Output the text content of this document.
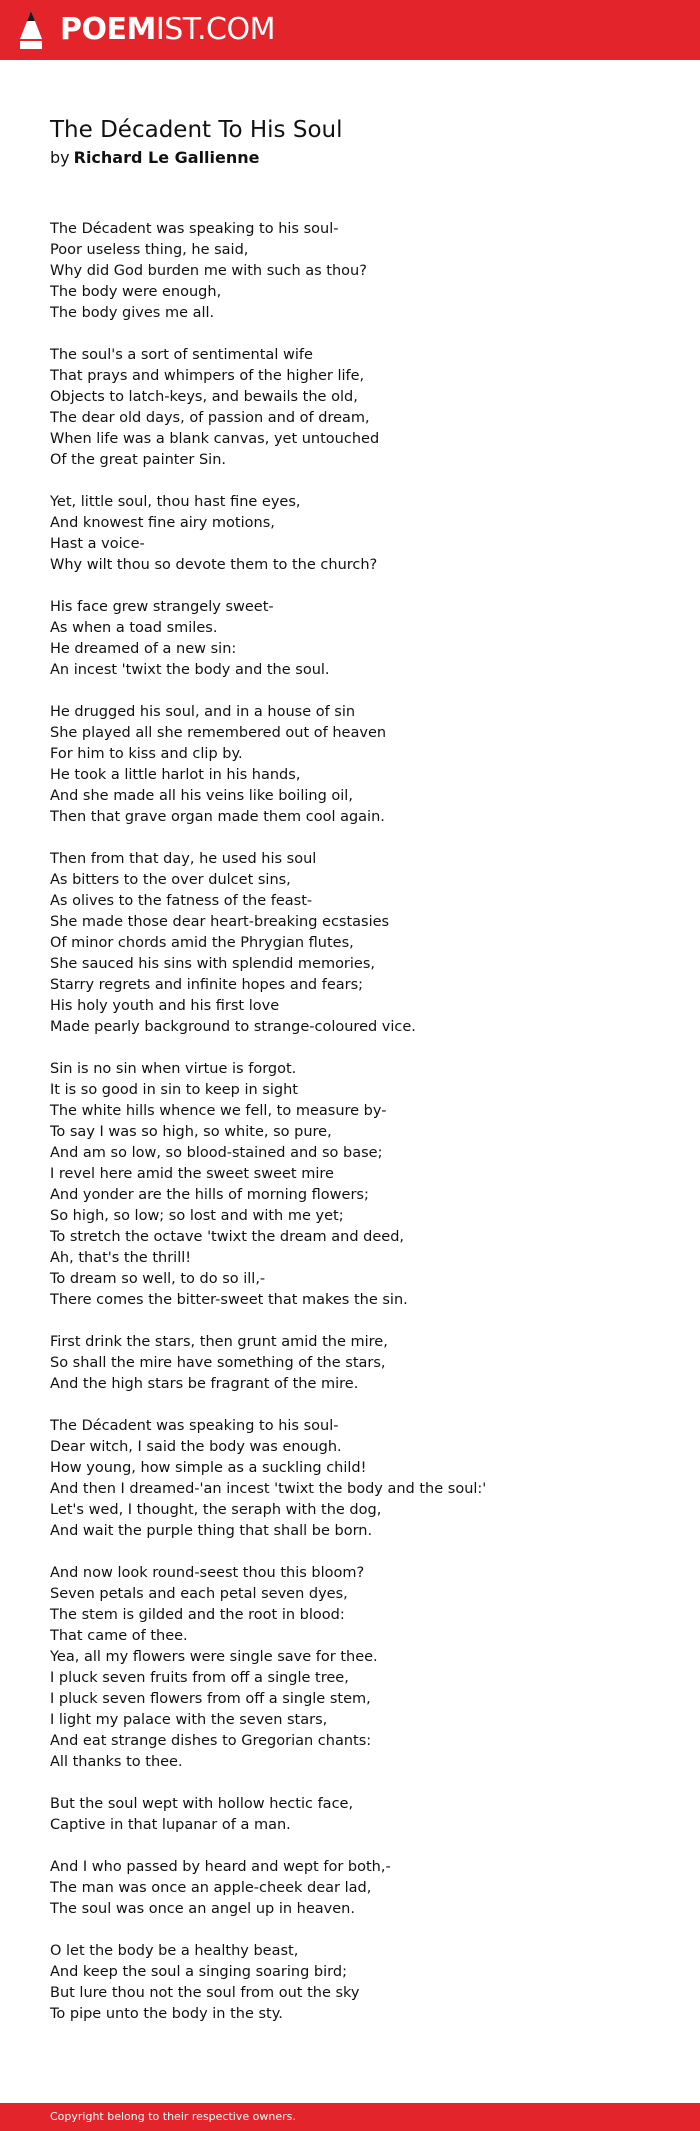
POEMIST.COM
The Décadent To His Soul
by Richard Le Gallienne
The Décadent was speaking to his soul-
Poor useless thing, he said,
Why did God burden me with such as thou?
The body were enough,
The body gives me all.
The soul's a sort of sentimental wife
That prays and whimpers of the higher life,
Objects to latch-keys, and bewails the old,
The dear old days, of passion and of dream,
When life was a blank canvas, yet untouched
Of the great painter Sin.
Yet, little soul, thou hast fine eyes,
And knowest fine airy motions,
Hast a voice-
Why wilt thou so devote them to the church?
His face grew strangely sweet-
As when a toad smiles.
He dreamed of a new sin:
An incest 'twixt the body and the soul.
He drugged his soul, and in a house of sin
She played all she remembered out of heaven
For him to kiss and clip by.
He took a little harlot in his hands,
And she made all his veins like boiling oil,
Then that grave organ made them cool again.
Then from that day, he used his soul
As bitters to the over dulcet sins,
As olives to the fatness of the feast-
She made those dear heart-breaking ecstasies
Of minor chords amid the Phrygian flutes,
She sauced his sins with splendid memories,
Starry regrets and infinite hopes and fears;
His holy youth and his first love
Made pearly background to strange-coloured vice.
Sin is no sin when virtue is forgot.
It is so good in sin to keep in sight
The white hills whence we fell, to measure by-
To say I was so high, so white, so pure,
And am so low, so blood-stained and so base;
I revel here amid the sweet sweet mire
And yonder are the hills of morning flowers;
So high, so low; so lost and with me yet;
To stretch the octave 'twixt the dream and deed,
Ah, that's the thrill!
To dream so well, to do so ill,-
There comes the bitter-sweet that makes the sin.
First drink the stars, then grunt amid the mire,
So shall the mire have something of the stars,
And the high stars be fragrant of the mire.
The Décadent was speaking to his soul-
Dear witch, I said the body was enough.
How young, how simple as a suckling child!
And then I dreamed-'an incest 'twixt the body and the soul:'
Let's wed, I thought, the seraph with the dog,
And wait the purple thing that shall be born.
And now look round-seest thou this bloom?
Seven petals and each petal seven dyes,
The stem is gilded and the root in blood:
That came of thee.
Yea, all my flowers were single save for thee.
I pluck seven fruits from off a single tree,
I pluck seven flowers from off a single stem,
I light my palace with the seven stars,
And eat strange dishes to Gregorian chants:
All thanks to thee.
But the soul wept with hollow hectic face,
Captive in that lupanar of a man.
And I who passed by heard and wept for both,-
The man was once an apple-cheek dear lad,
The soul was once an angel up in heaven.
O let the body be a healthy beast,
And keep the soul a singing soaring bird;
But lure thou not the soul from out the sky
To pipe unto the body in the sty.
Copyright belong to their respective owners.
